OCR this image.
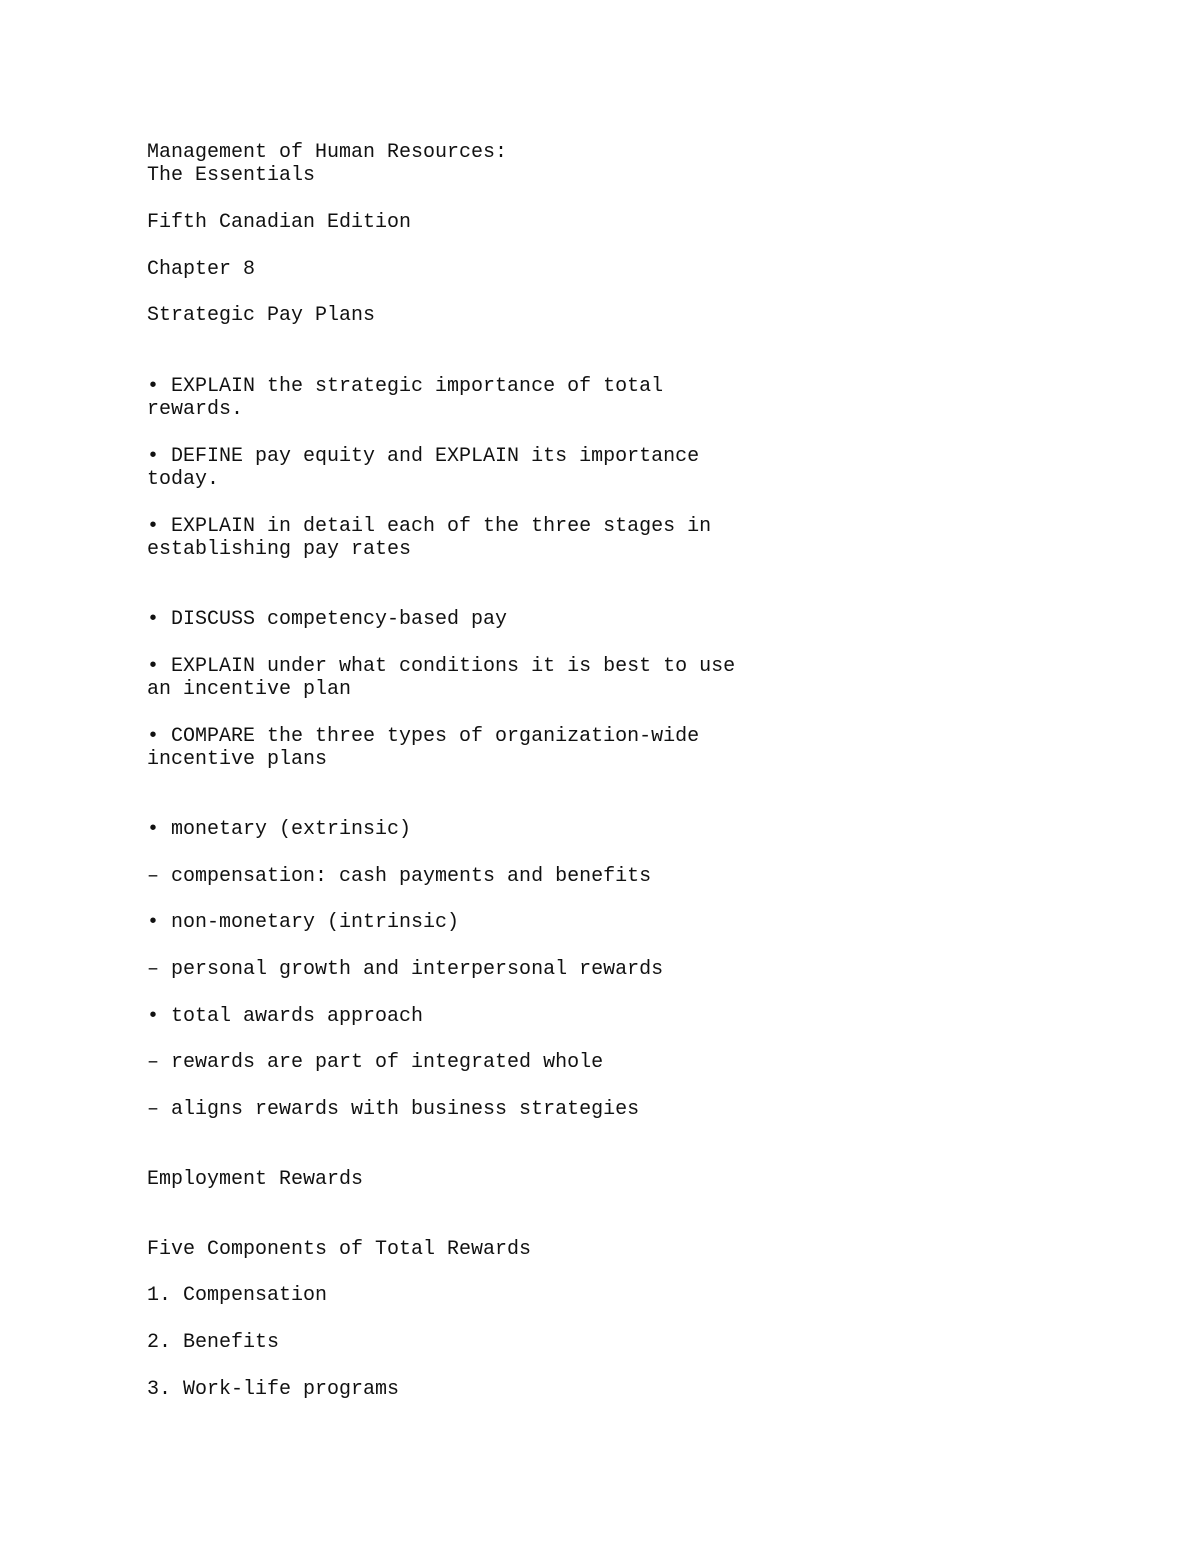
Management of Human Resources:
The Essentials
Fifth Canadian Edition
Chapter 8
Strategic Pay Plans
• EXPLAIN the strategic importance of total
rewards.
• DEFINE pay equity and EXPLAIN its importance
today.
• EXPLAIN in detail each of the three stages in
establishing pay rates
• DISCUSS competency-based pay
• EXPLAIN under what conditions it is best to use
an incentive plan
• COMPARE the three types of organization-wide
incentive plans
• monetary (extrinsic)
– compensation: cash payments and benefits
• non-monetary (intrinsic)
– personal growth and interpersonal rewards
• total awards approach
– rewards are part of integrated whole
– aligns rewards with business strategies
Employment Rewards
Five Components of Total Rewards
1. Compensation
2. Benefits
3. Work-life programs
